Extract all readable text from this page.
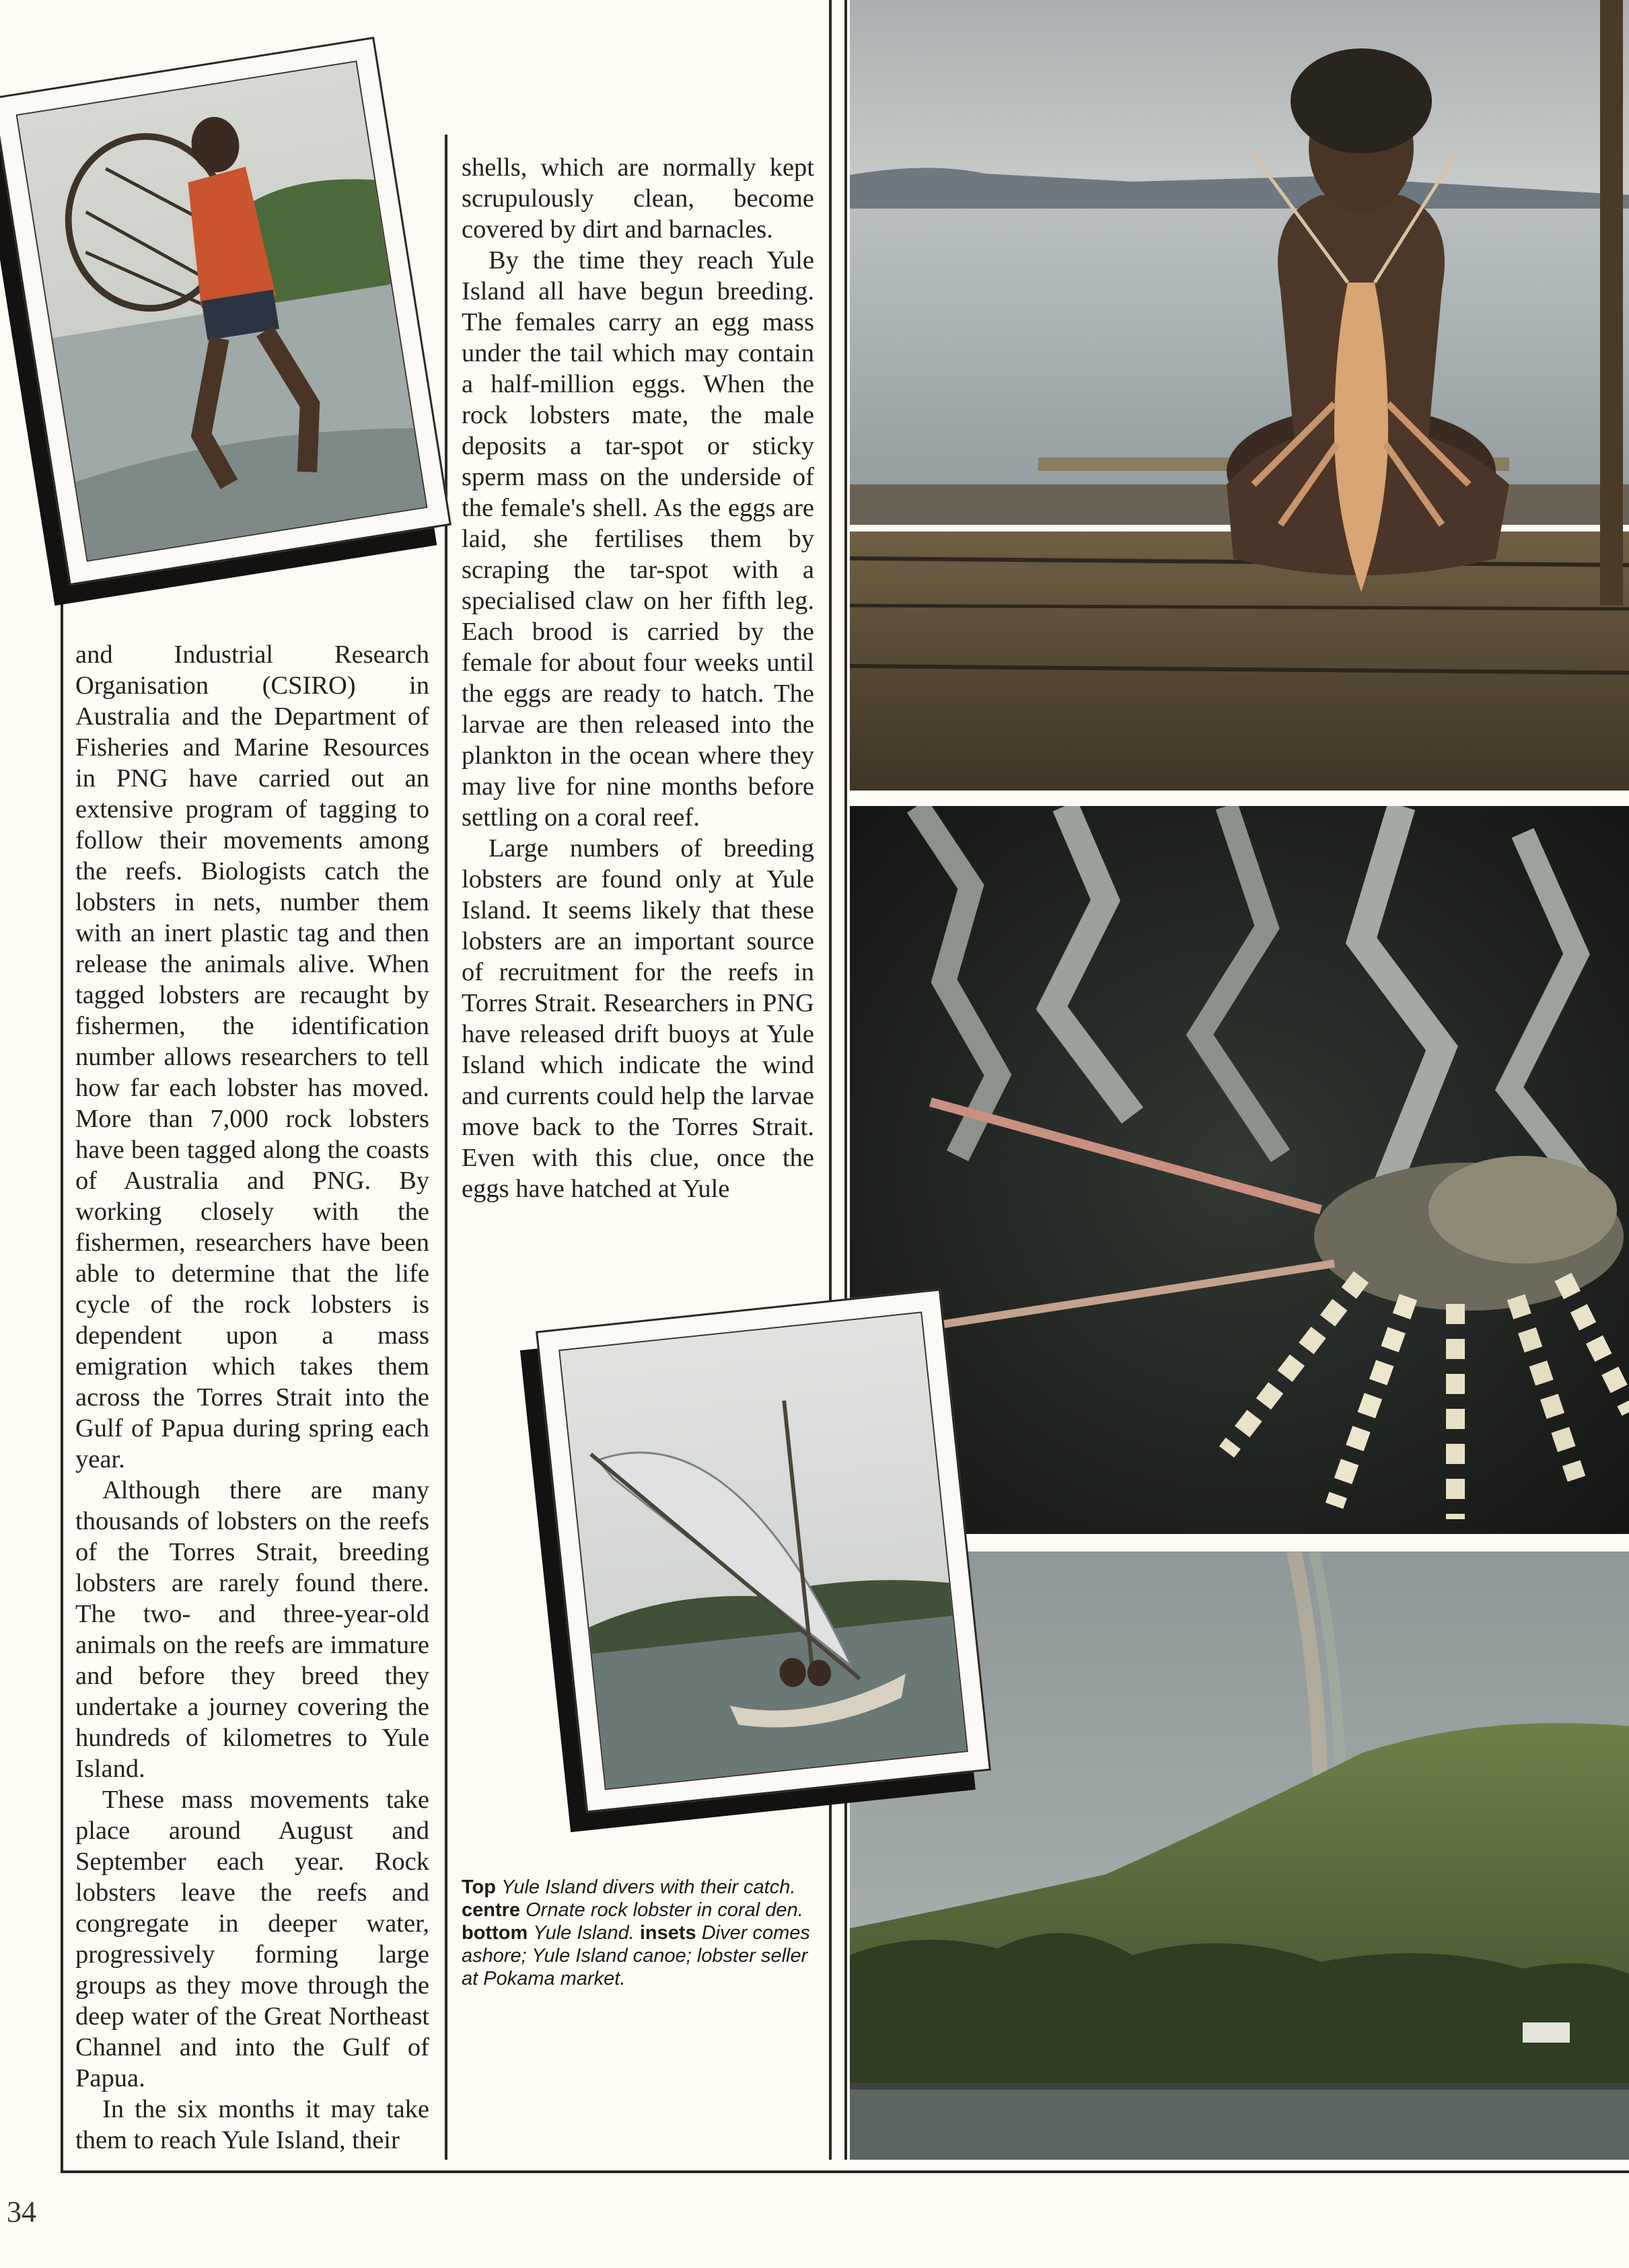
and Industrial Research Organisation (CSIRO) in Australia and the Department of Fisheries and Marine Resources in PNG have carried out an extensive program of tagging to follow their movements among the reefs. Biologists catch the lobsters in nets, number them with an inert plastic tag and then release the animals alive. When tagged lobsters are recaught by fishermen, the identification number allows researchers to tell how far each lobster has moved. More than 7,000 rock lobsters have been tagged along the coasts of Australia and PNG. By working closely with the fishermen, researchers have been able to determine that the life cycle of the rock lobsters is dependent upon a mass emigration which takes them across the Torres Strait into the Gulf of Papua during spring each year.

Although there are many thousands of lobsters on the reefs of the Torres Strait, breeding lobsters are rarely found there. The two- and three-year-old animals on the reefs are immature and before they breed they undertake a journey covering the hundreds of kilometres to Yule Island.

These mass movements take place around August and September each year. Rock lobsters leave the reefs and congregate in deeper water, progressively forming large groups as they move through the deep water of the Great Northeast Channel and into the Gulf of Papua.

In the six months it may take them to reach Yule Island, their

shells, which are normally kept scrupulously clean, become covered by dirt and barnacles.

By the time they reach Yule Island all have begun breeding. The females carry an egg mass under the tail which may contain a half-million eggs. When the rock lobsters mate, the male deposits a tar-spot or sticky sperm mass on the underside of the female's shell. As the eggs are laid, she fertilises them by scraping the tar-spot with a specialised claw on her fifth leg. Each brood is carried by the female for about four weeks until the eggs are ready to hatch. The larvae are then released into the plankton in the ocean where they may live for nine months before settling on a coral reef.

Large numbers of breeding lobsters are found only at Yule Island. It seems likely that these lobsters are an important source of recruitment for the reefs in Torres Strait. Researchers in PNG have released drift buoys at Yule Island which indicate the wind and currents could help the larvae move back to the Torres Strait. Even with this clue, once the eggs have hatched at Yule

Top Yule Island divers with their catch. centre Ornate rock lobster in coral den. bottom Yule Island. insets Diver comes ashore; Yule Island canoe; lobster seller at Pokama market.
34
